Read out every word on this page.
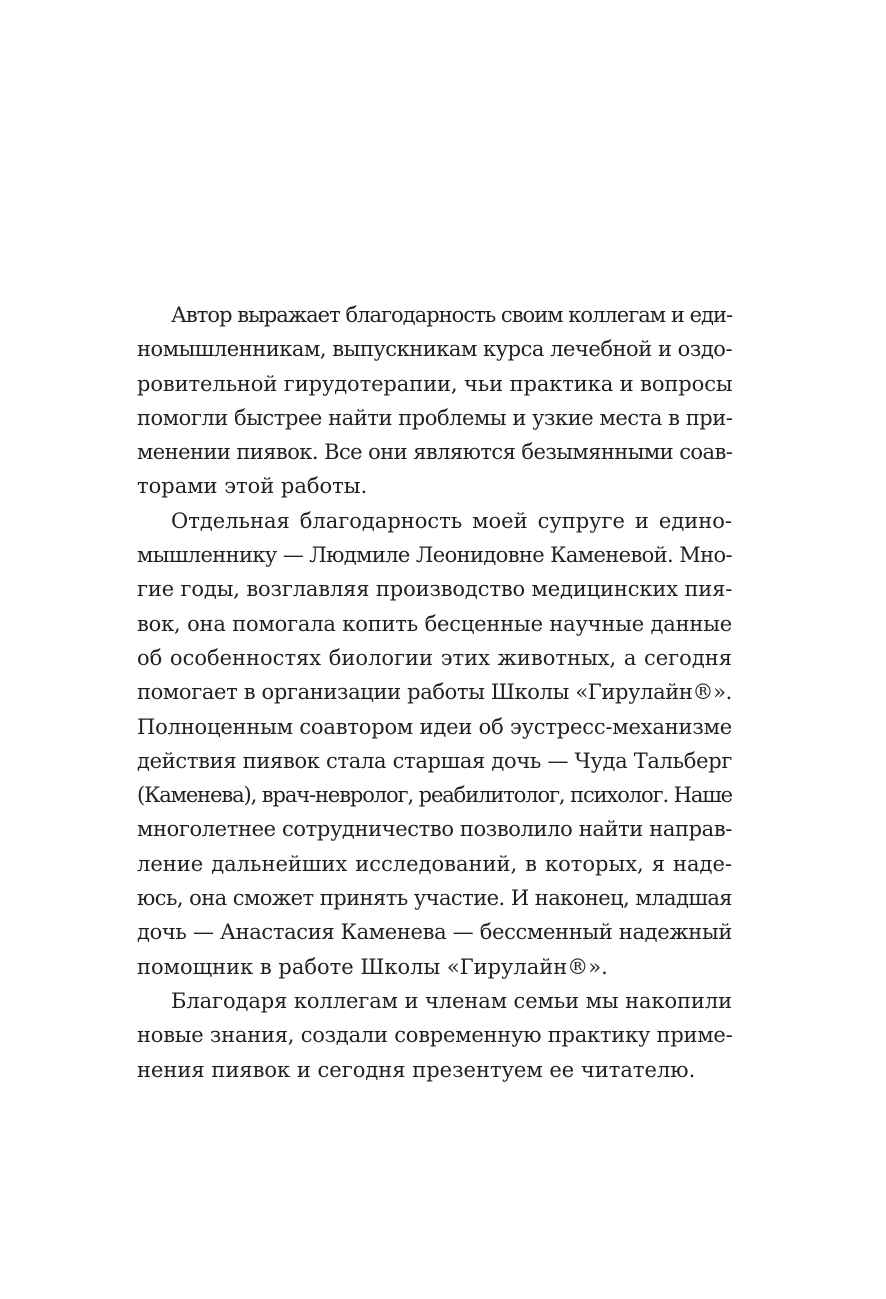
Автор выражает благодарность своим коллегам и еди-
номышленникам, выпускникам курса лечебной и оздо-
ровительной гирудотерапии, чьи практика и вопросы
помогли быстрее найти проблемы и узкие места в при-
менении пиявок. Все они являются безымянными соав-
торами этой работы.
Отдельная благодарность моей супруге и едино-
мышленнику — Людмиле Леонидовне Каменевой. Мно-
гие годы, возглавляя производство медицинских пия-
вок, она помогала копить бесценные научные данные
об особенностях биологии этих животных, а сегодня
помогает в организации работы Школы «Гирулайн®».
Полноценным соавтором идеи об эустресс-механизме
действия пиявок стала старшая дочь — Чуда Тальберг
(Каменева), врач-невролог, реабилитолог, психолог. Наше
многолетнее сотрудничество позволило найти направ-
ление дальнейших исследований, в которых, я наде-
юсь, она сможет принять участие. И наконец, младшая
дочь — Анастасия Каменева — бессменный надежный
помощник в работе Школы «Гирулайн®».
Благодаря коллегам и членам семьи мы накопили
новые знания, создали современную практику приме-
нения пиявок и сегодня презентуем ее читателю.
